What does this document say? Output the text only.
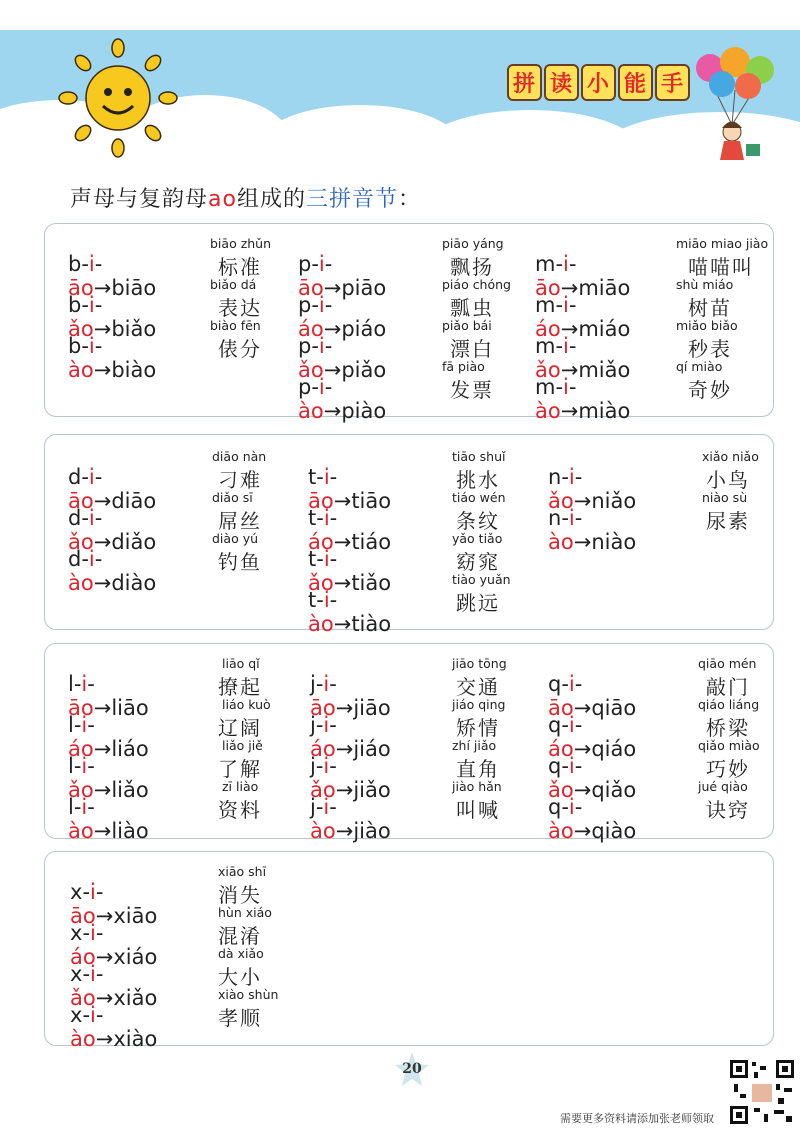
拼 读 小 能 手
声母与复韵母ao组成的三拼音节：
20
需要更多资料请添加张老师领取
b-i-āo→biāo
biāo zhǔn
标准
b-i-ǎo→biǎo
biǎo dá
表达
b-i-ào→biào
biào fēn
俵分
p-i-āo→piāo
piāo yáng
飘扬
p-i-áo→piáo
piáo chóng
瓢虫
p-i-ǎo→piǎo
piǎo bái
漂白
p-i-ào→piào
fā piào
发票
m-i-āo→miāo
miāo miao jiào
喵喵叫
m-i-áo→miáo
shù miáo
树苗
m-i-ǎo→miǎo
miǎo biǎo
秒表
m-i-ào→miào
qí miào
奇妙
d-i-āo→diāo
diāo nàn
刁难
d-i-ǎo→diǎo
diǎo sī
屌丝
d-i-ào→diào
diào yú
钓鱼
t-i-āo→tiāo
tiāo shuǐ
挑水
t-i-áo→tiáo
tiáo wén
条纹
t-i-ǎo→tiǎo
yǎo tiǎo
窈窕
t-i-ào→tiào
tiào yuǎn
跳远
n-i-ǎo→niǎo
xiǎo niǎo
小鸟
n-i-ào→niào
niào sù
尿素
l-i-āo→liāo
liāo qǐ
撩起
l-i-áo→liáo
liáo kuò
辽阔
l-i-ǎo→liǎo
liǎo jiě
了解
l-i-ào→liào
zī liào
资料
j-i-āo→jiāo
jiāo tōng
交通
j-i-áo→jiáo
jiáo qing
矫情
j-i-ǎo→jiǎo
zhí jiǎo
直角
j-i-ào→jiào
jiào hǎn
叫喊
q-i-āo→qiāo
qiāo mén
敲门
q-i-áo→qiáo
qiáo liáng
桥梁
q-i-ǎo→qiǎo
qiǎo miào
巧妙
q-i-ào→qiào
jué qiào
诀窍
x-i-āo→xiāo
xiāo shī
消失
x-i-áo→xiáo
hùn xiáo
混淆
x-i-ǎo→xiǎo
dà xiǎo
大小
x-i-ào→xiào
xiào shùn
孝顺
